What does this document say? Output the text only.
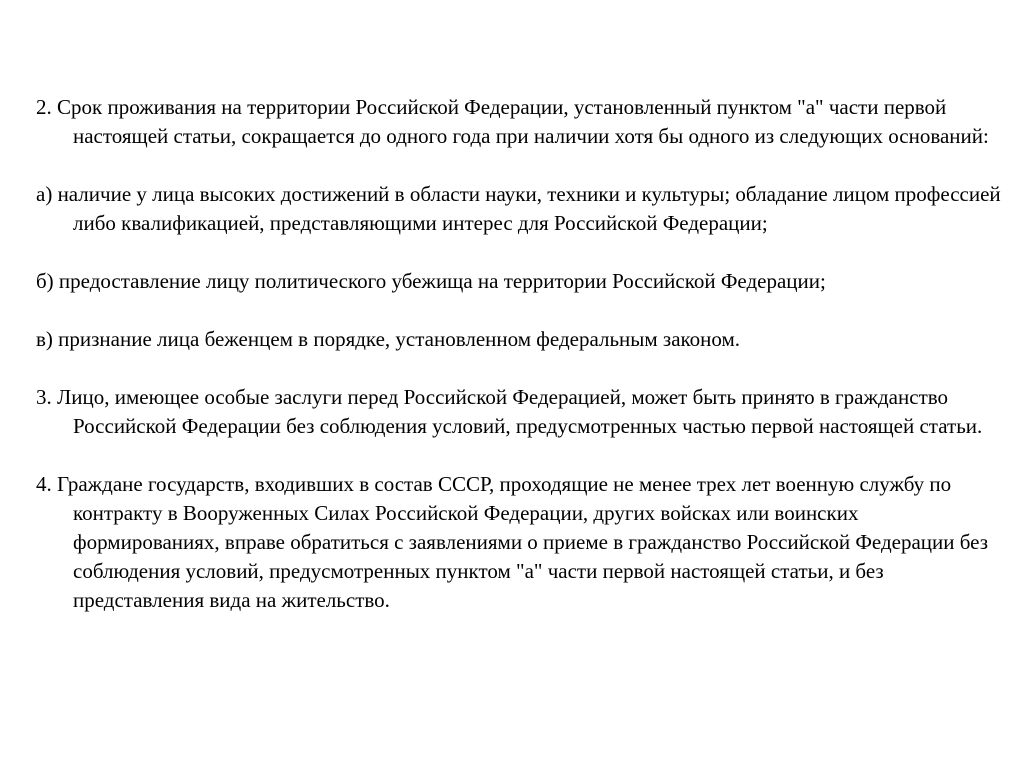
2. Срок проживания на территории Российской Федерации, установленный пунктом "а" части первой настоящей статьи, сокращается до одного года при наличии хотя бы одного из следующих оснований:

а) наличие у лица высоких достижений в области науки, техники и культуры; обладание лицом профессией либо квалификацией, представляющими интерес для Российской Федерации;

б) предоставление лицу политического убежища на территории Российской Федерации;

в) признание лица беженцем в порядке, установленном федеральным законом.

3. Лицо, имеющее особые заслуги перед Российской Федерацией, может быть принято в гражданство Российской Федерации без соблюдения условий, предусмотренных частью первой настоящей статьи.

4. Граждане государств, входивших в состав СССР, проходящие не менее трех лет военную службу по контракту в Вооруженных Силах Российской Федерации, других войсках или воинских формированиях, вправе обратиться с заявлениями о приеме в гражданство Российской Федерации без соблюдения условий, предусмотренных пунктом "а" части первой настоящей статьи, и без представления вида на жительство.
